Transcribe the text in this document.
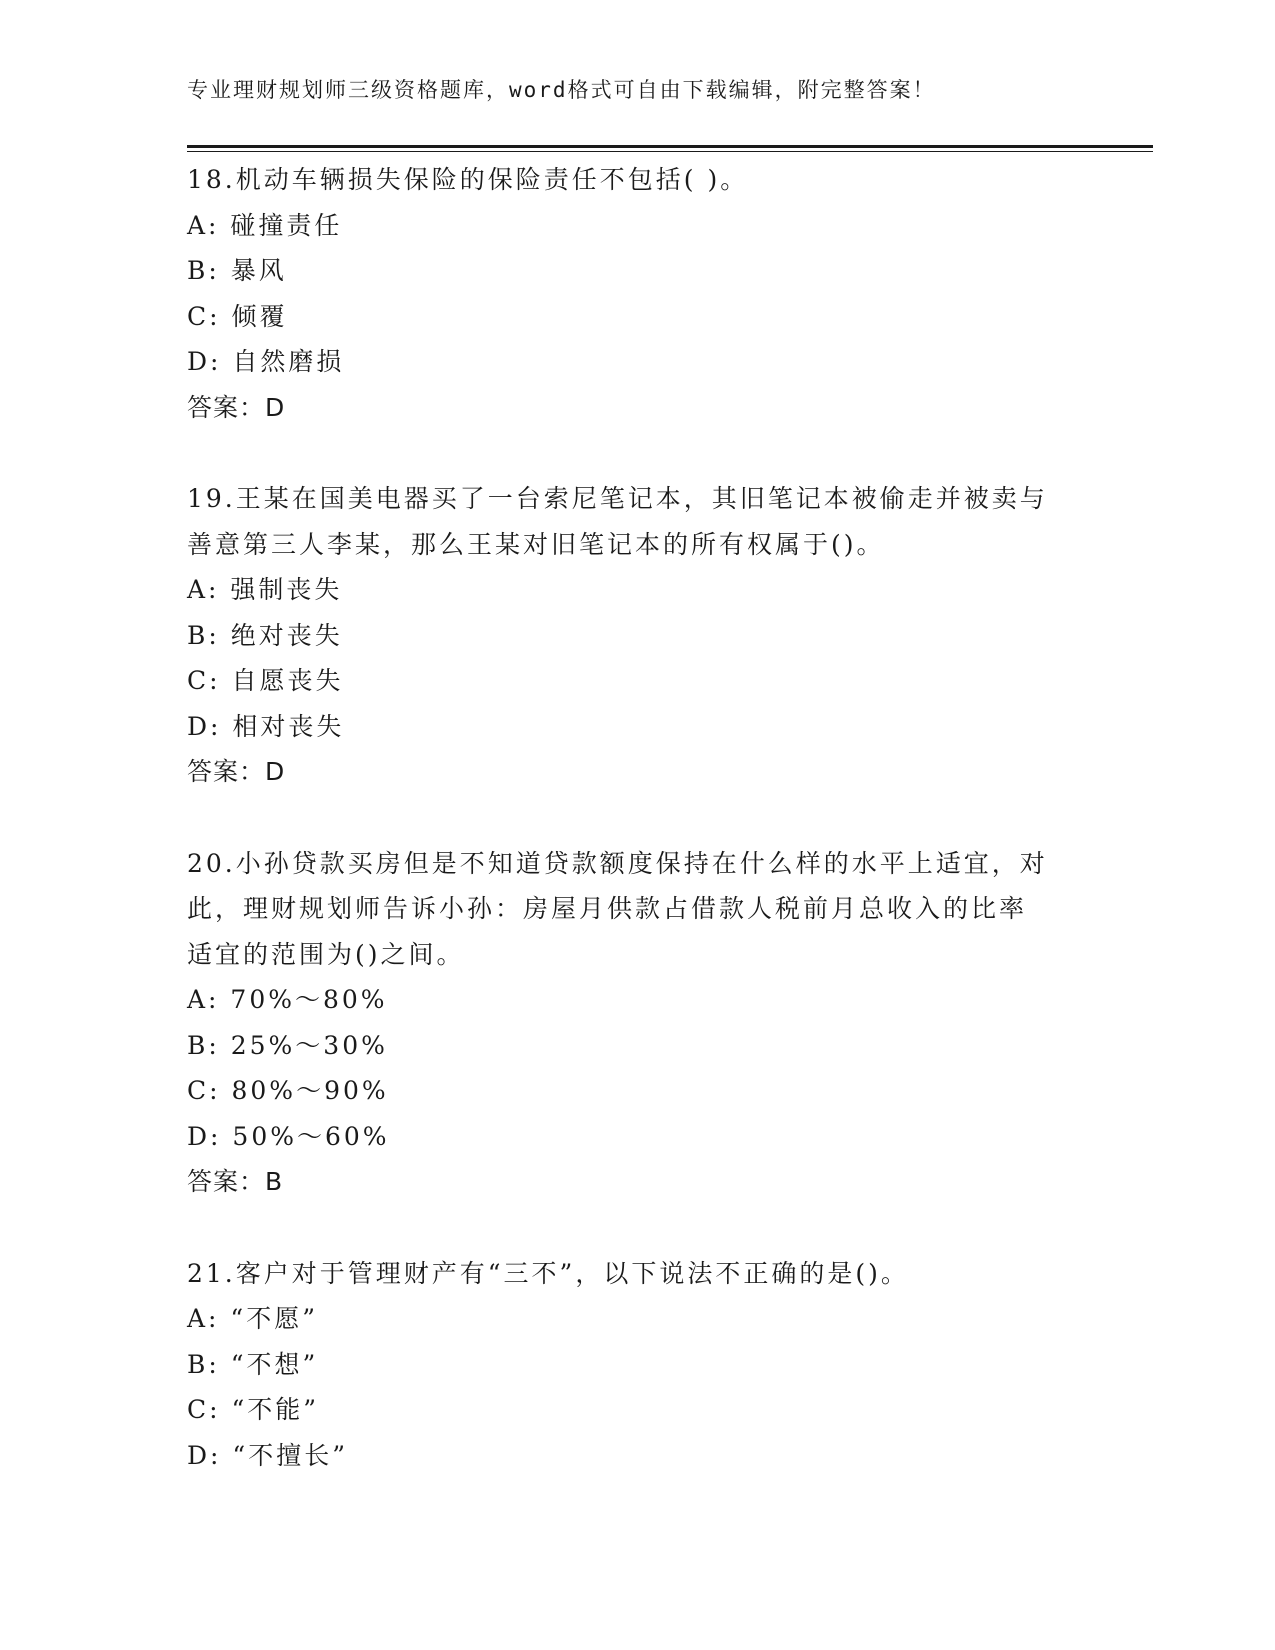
专业理财规划师三级资格题库，word格式可自由下载编辑，附完整答案！
18.机动车辆损失保险的保险责任不包括( )。
A: 碰撞责任
B: 暴风
C: 倾覆
D: 自然磨损
答案：D
19.王某在国美电器买了一台索尼笔记本，其旧笔记本被偷走并被卖与
善意第三人李某，那么王某对旧笔记本的所有权属于()。
A: 强制丧失
B: 绝对丧失
C: 自愿丧失
D: 相对丧失
答案：D
20.小孙贷款买房但是不知道贷款额度保持在什么样的水平上适宜，对
此，理财规划师告诉小孙：房屋月供款占借款人税前月总收入的比率
适宜的范围为()之间。
A: 70%～80%
B: 25%～30%
C: 80%～90%
D: 50%～60%
答案：B
21.客户对于管理财产有“三不”，以下说法不正确的是()。
A: “不愿”
B: “不想”
C: “不能”
D: “不擅长”
